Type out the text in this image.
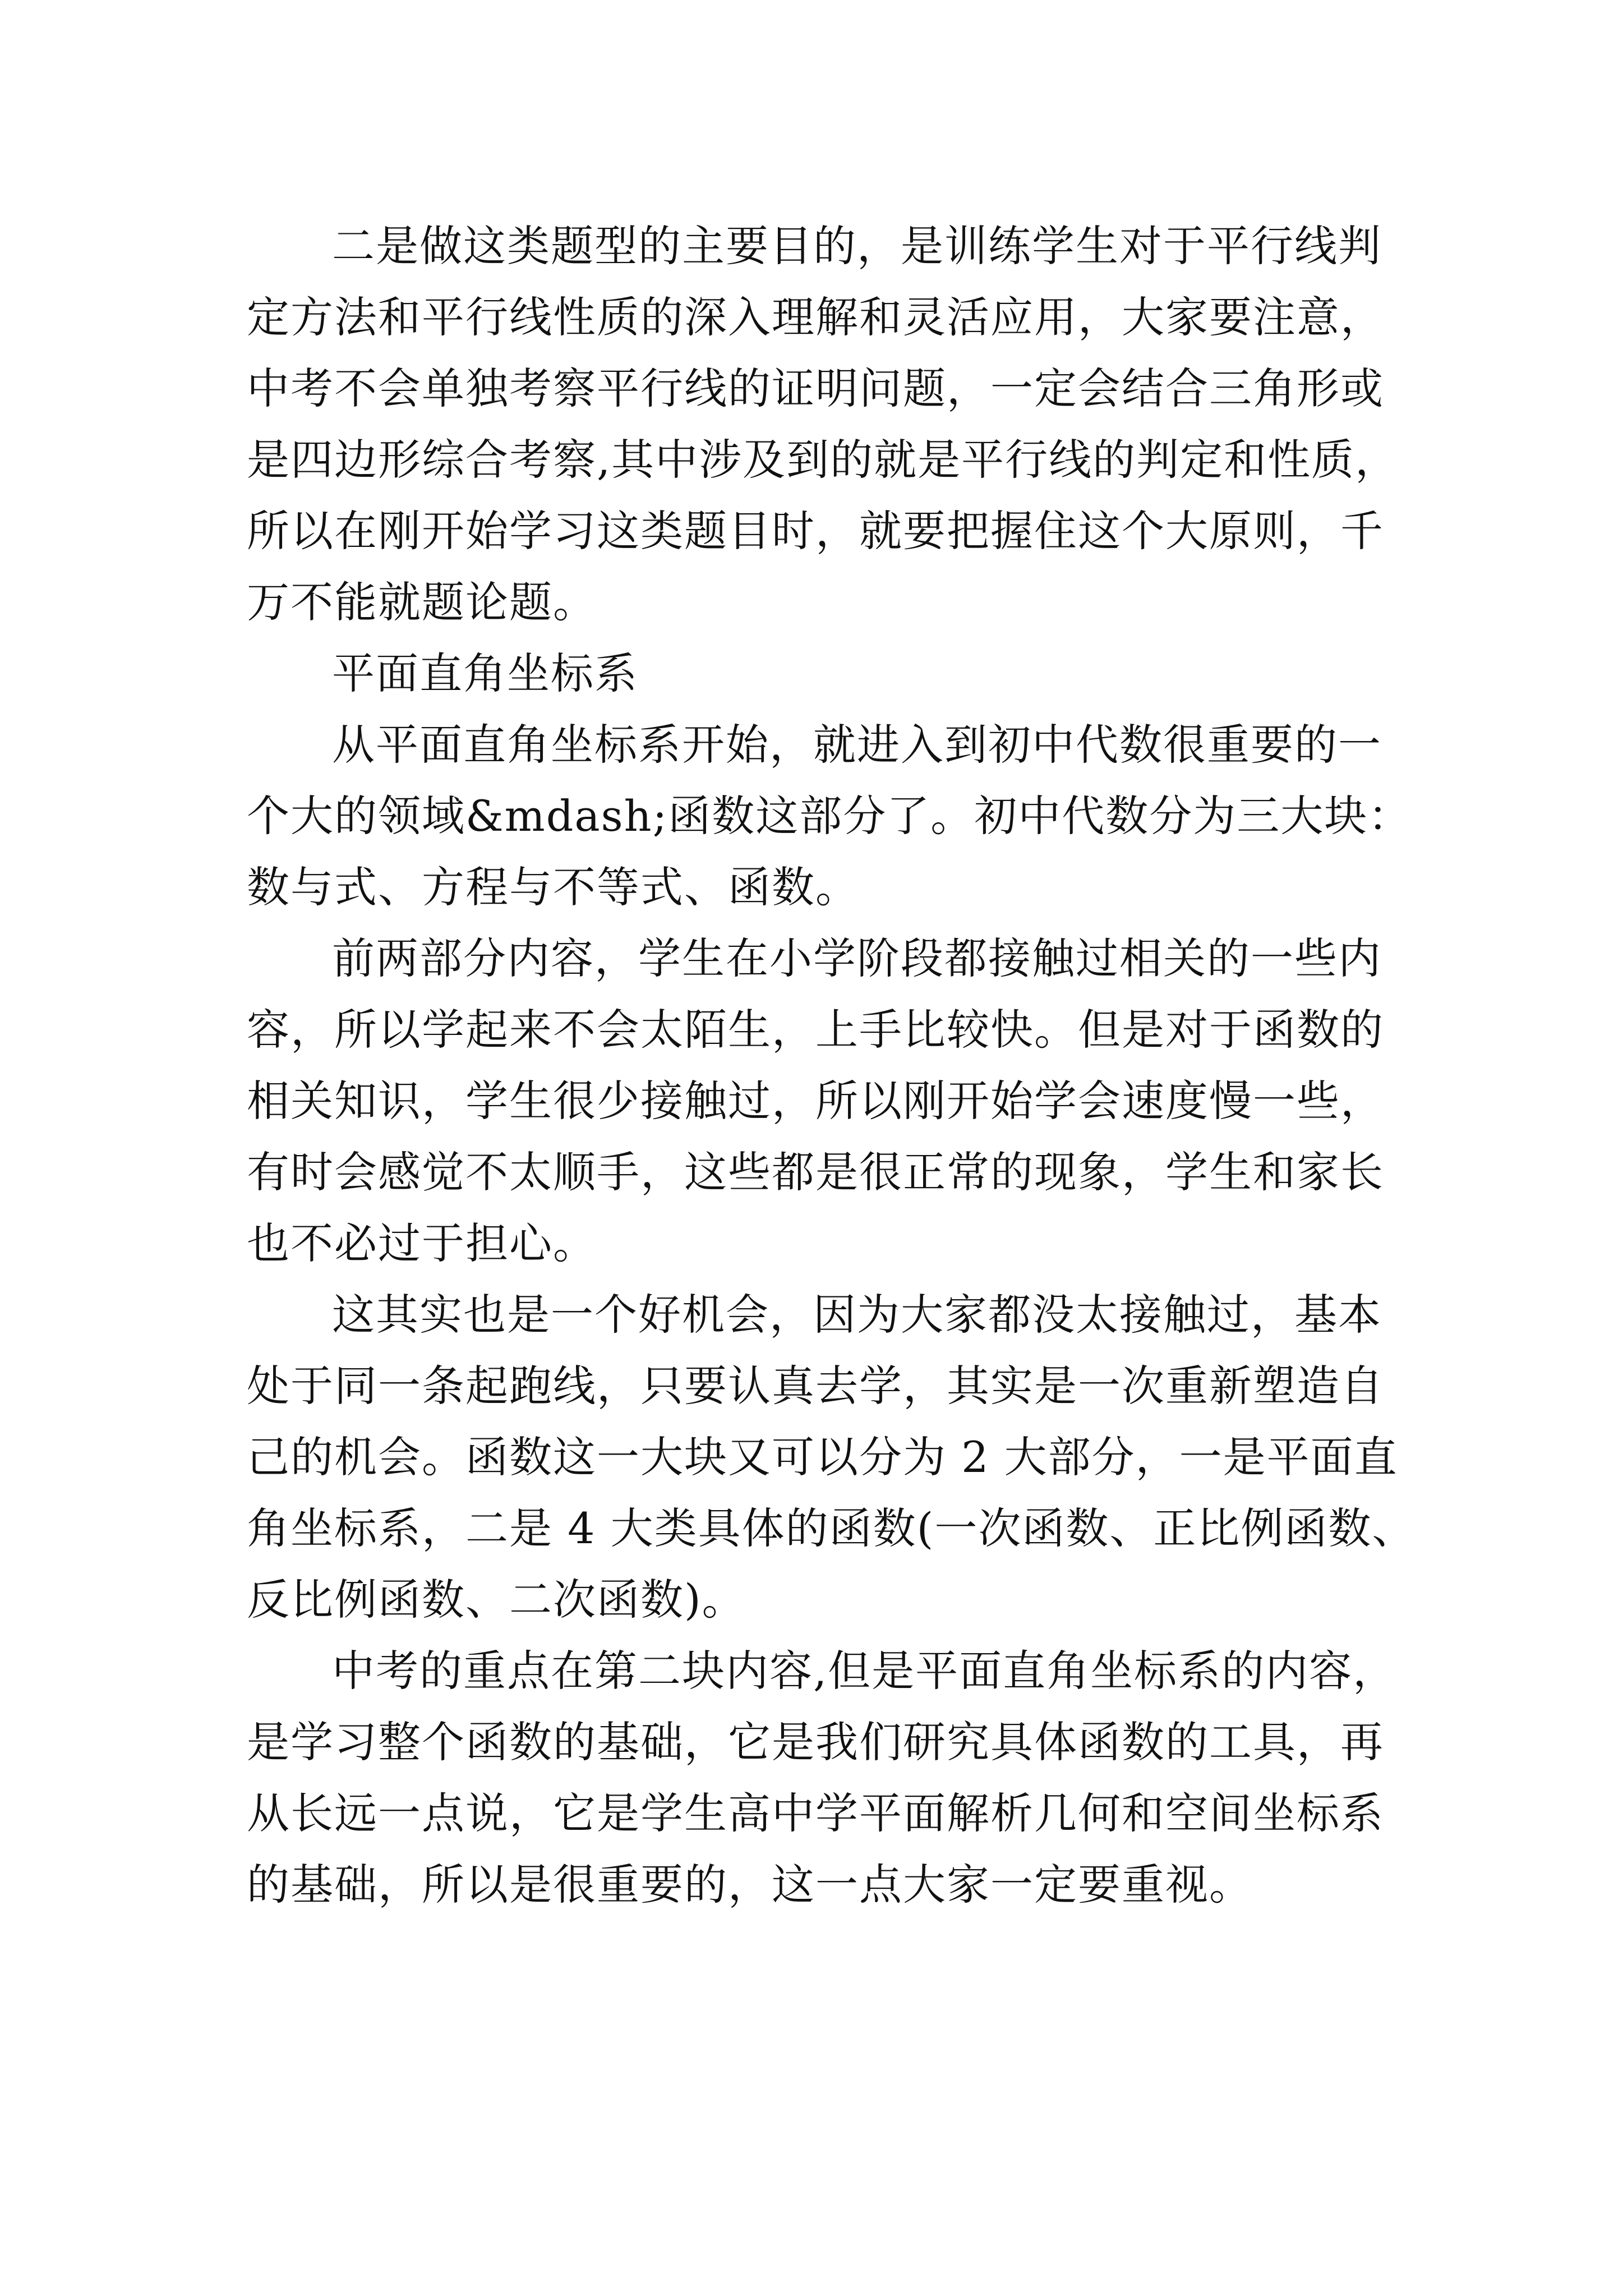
二是做这类题型的主要目的，是训练学生对于平行线判
定方法和平行线性质的深入理解和灵活应用，大家要注意，
中考不会单独考察平行线的证明问题，一定会结合三角形或
是四边形综合考察,其中涉及到的就是平行线的判定和性质，
所以在刚开始学习这类题目时，就要把握住这个大原则，千
万不能就题论题。
平面直角坐标系
从平面直角坐标系开始，就进入到初中代数很重要的一
个大的领域&mdash;函数这部分了。初中代数分为三大块：
数与式、方程与不等式、函数。
前两部分内容，学生在小学阶段都接触过相关的一些内
容，所以学起来不会太陌生，上手比较快。但是对于函数的
相关知识，学生很少接触过，所以刚开始学会速度慢一些，
有时会感觉不太顺手，这些都是很正常的现象，学生和家长
也不必过于担心。
这其实也是一个好机会，因为大家都没太接触过，基本
处于同一条起跑线，只要认真去学，其实是一次重新塑造自
己的机会。函数这一大块又可以分为 2 大部分，一是平面直
角坐标系，二是 4 大类具体的函数(一次函数、正比例函数、
反比例函数、二次函数)。
中考的重点在第二块内容,但是平面直角坐标系的内容，
是学习整个函数的基础，它是我们研究具体函数的工具，再
从长远一点说，它是学生高中学平面解析几何和空间坐标系
的基础，所以是很重要的，这一点大家一定要重视。
